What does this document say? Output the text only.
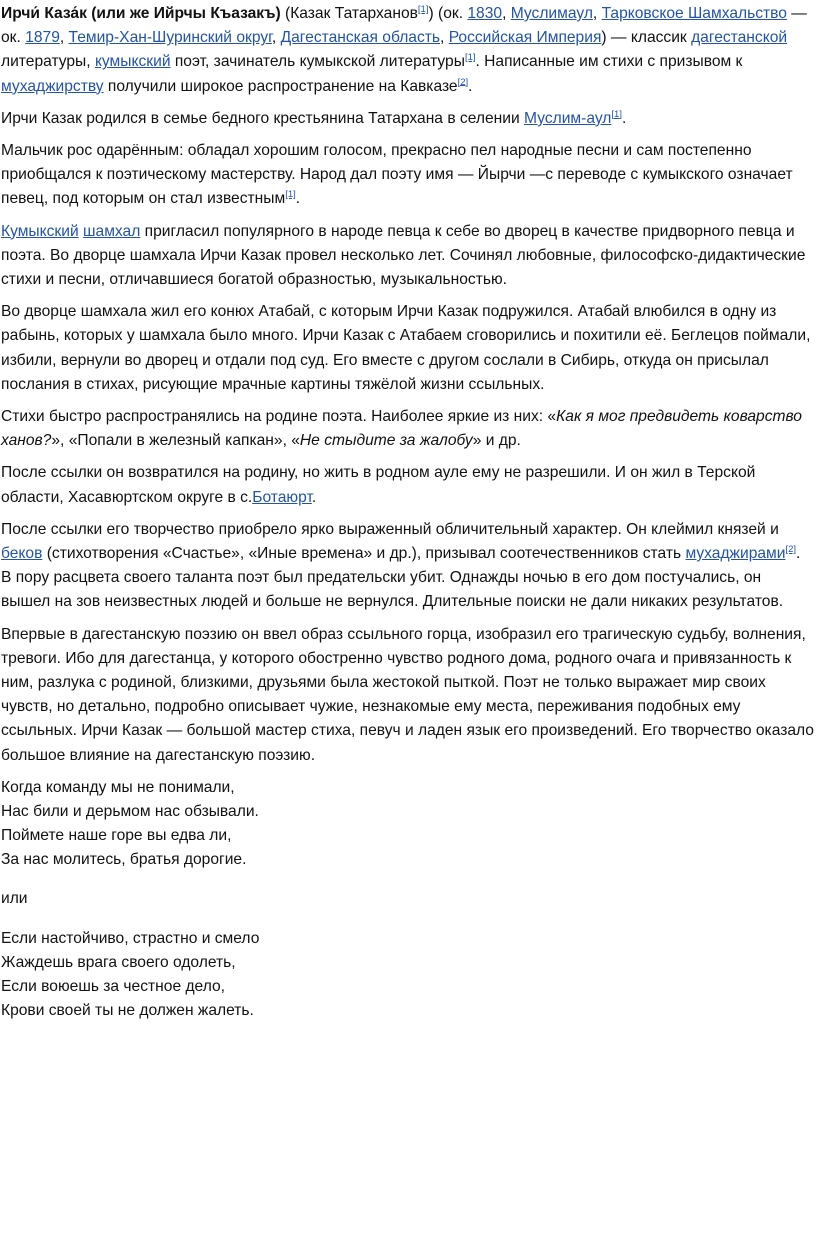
Ирчи́ Каза́к (или же Ийрчы Къазакъ) (Казак Татарханов[1]) (ок. 1830, Муслимаул, Тарковское Шамхальство — ок. 1879, Темир-Хан-Шуринский округ, Дагестанская область, Российская Империя) — классик дагестанской литературы, кумыкский поэт, зачинатель кумыкской литературы[1]. Написанные им стихи с призывом к мухаджирству получили широкое распространение на Кавказе[2].

Ирчи Казак родился в семье бедного крестьянина Татархана в селении Муслим-аул[1].

Мальчик рос одарённым: обладал хорошим голосом, прекрасно пел народные песни и сам постепенно приобщался к поэтическому мастерству. Народ дал поэту имя — Йырчи —с переводе с кумыкского означает певец, под которым он стал известным[1].

Кумыкский шамхал пригласил популярного в народе певца к себе во дворец в качестве придворного певца и поэта. Во дворце шамхала Ирчи Казак провел несколько лет. Сочинял любовные, философско-дидактические стихи и песни, отличавшиеся богатой образностью, музыкальностью.

Во дворце шамхала жил его конюх Атабай, с которым Ирчи Казак подружился. Атабай влюбился в одну из рабынь, которых у шамхала было много. Ирчи Казак с Атабаем сговорились и похитили её. Беглецов поймали, избили, вернули во дворец и отдали под суд. Его вместе с другом сослали в Сибирь, откуда он присылал послания в стихах, рисующие мрачные картины тяжёлой жизни ссыльных.

Стихи быстро распространялись на родине поэта. Наиболее яркие из них: «Как я мог предвидеть коварство ханов?», «Попали в железный капкан», «Не стыдите за жалобу» и др.

После ссылки он возвратился на родину, но жить в родном ауле ему не разрешили. И он жил в Терской области, Хасавюртском округе в с.Ботаюрт.

После ссылки его творчество приобрело ярко выраженный обличительный характер. Он клеймил князей и беков (стихотворения «Счастье», «Иные времена» и др.), призывал соотечественников стать мухаджирами[2]. В пору расцвета своего таланта поэт был предательски убит. Однажды ночью в его дом постучались, он вышел на зов неизвестных людей и больше не вернулся. Длительные поиски не дали никаких результатов.

Впервые в дагестанскую поэзию он ввел образ ссыльного горца, изобразил его трагическую судьбу, волнения, тревоги. Ибо для дагестанца, у которого обостренно чувство родного дома, родного очага и привязанность к ним, разлука с родиной, близкими, друзьями была жестокой пыткой. Поэт не только выражает мир своих чувств, но детально, подробно описывает чужие, незнакомые ему места, переживания подобных ему ссыльных. Ирчи Казак — большой мастер стиха, певуч и ладен язык его произведений. Его творчество оказало большое влияние на дагестанскую поэзию.

Когда команду мы не понимали,
Нас били и дерьмом нас обзывали.
Поймете наше горе вы едва ли,
За нас молитесь, братья дорогие.

или

Если настойчиво, страстно и смело
Жаждешь врага своего одолеть,
Если воюешь за честное дело,
Крови своей ты не должен жалеть.
